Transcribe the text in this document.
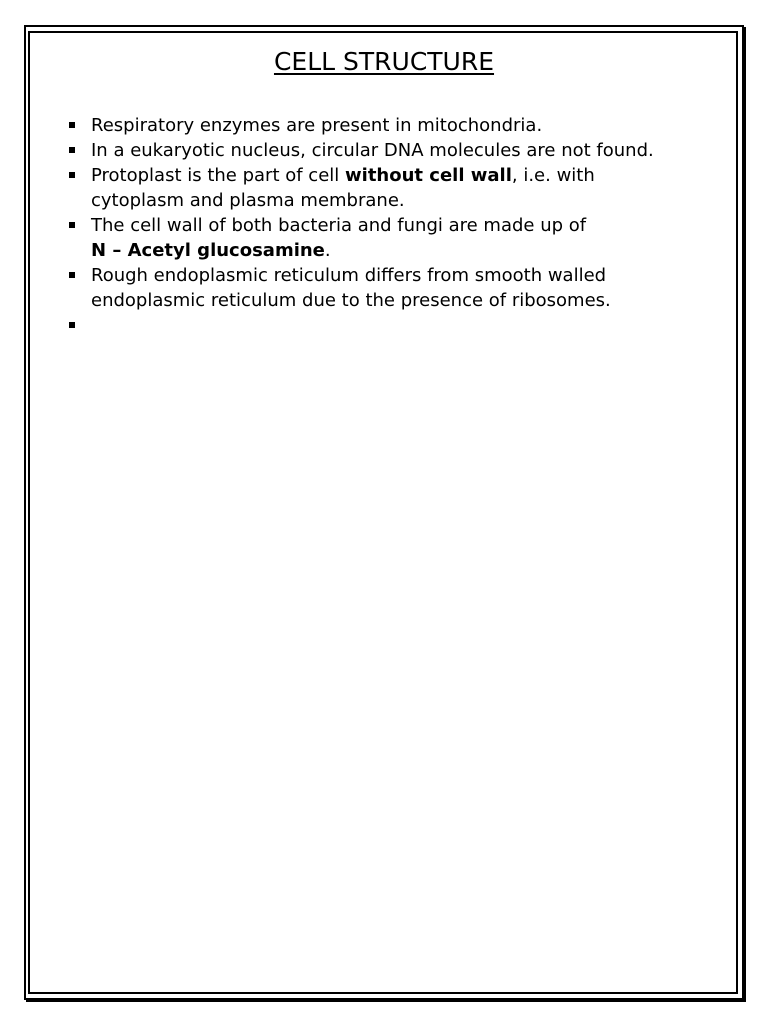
CELL STRUCTURE
Respiratory enzymes are present in mitochondria.
In a eukaryotic nucleus, circular DNA molecules are not found.
Protoplast is the part of cell without cell wall, i.e. with
cytoplasm and plasma membrane.
The cell wall of both bacteria and fungi are made up of
N – Acetyl glucosamine.
Rough endoplasmic reticulum differs from smooth walled
endoplasmic reticulum due to the presence of ribosomes.
